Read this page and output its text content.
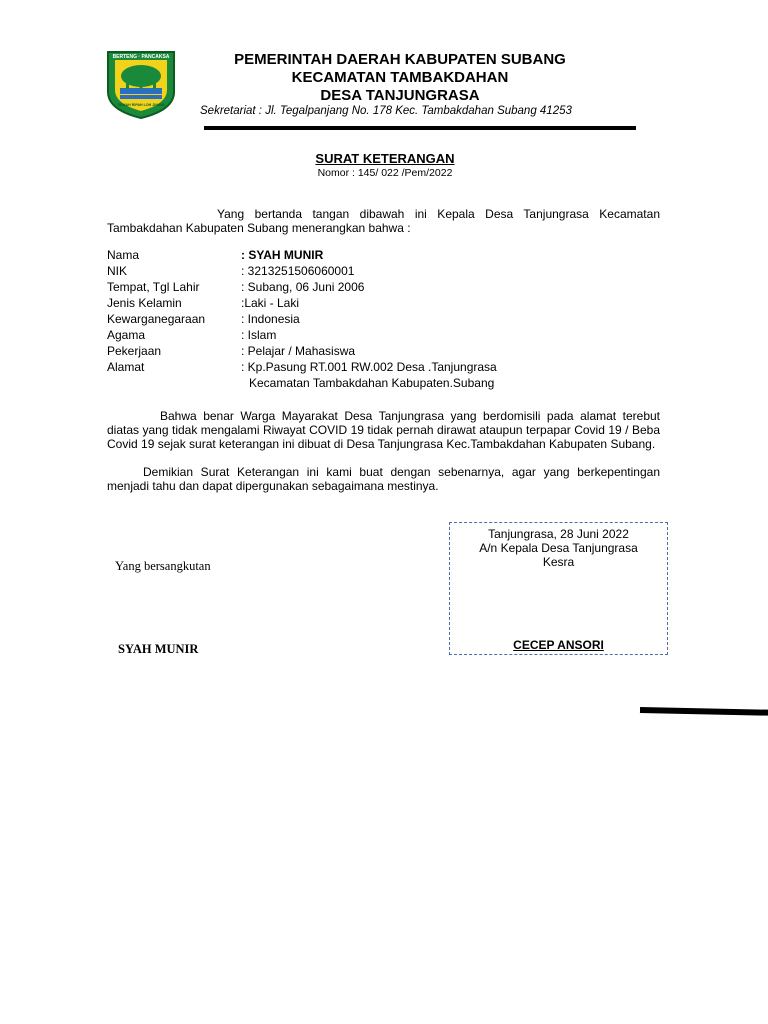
BERTENG · PANCAKSA
GEMAH RIPAH LOH JINAWI
PEMERINTAH DAERAH KABUPATEN SUBANG
KECAMATAN TAMBAKDAHAN
DESA TANJUNGRASA
Sekretariat : Jl. Tegalpanjang No. 178 Kec. Tambakdahan Subang 41253
SURAT KETERANGAN
Nomor : 145/ 022 /Pem/2022
Yang bertanda tangan dibawah ini Kepala Desa Tanjungrasa Kecamatan Tambakdahan Kabupaten Subang menerangkan bahwa :
Nama	: SYAH MUNIR
NIK	: 3213251506060001
Tempat, Tgl Lahir	: Subang, 06 Juni 2006
Jenis Kelamin	:Laki - Laki
Kewarganegaraan	: Indonesia
Agama	: Islam
Pekerjaan	: Pelajar / Mahasiswa
Alamat	: Kp.Pasung RT.001 RW.002 Desa .Tanjungrasa
Kecamatan Tambakdahan Kabupaten.Subang
Bahwa benar Warga Mayarakat Desa Tanjungrasa yang berdomisili pada alamat terebut diatas yang tidak mengalami Riwayat COVID 19 tidak pernah dirawat ataupun terpapar Covid 19 / Beba Covid 19 sejak surat keterangan ini dibuat di Desa Tanjungrasa Kec.Tambakdahan Kabupaten Subang.
Demikian Surat Keterangan ini kami buat dengan sebenarnya, agar yang berkepentingan menjadi tahu dan dapat dipergunakan sebagaimana mestinya.
Yang bersangkutan
SYAH MUNIR
Tanjungrasa, 28 Juni 2022
A/n Kepala Desa Tanjungrasa
Kesra
CECEP ANSORI
